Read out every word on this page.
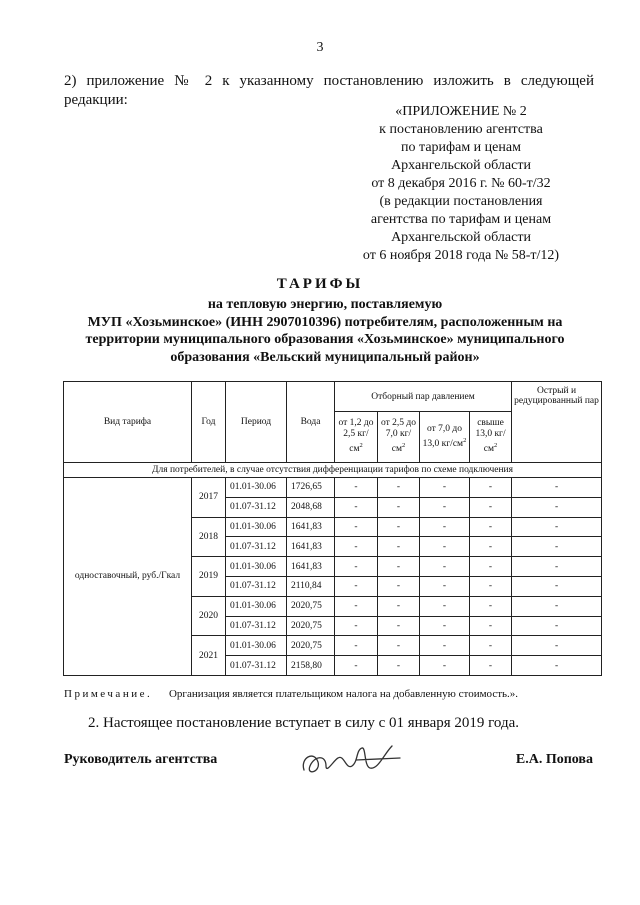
3
2) приложение № 2 к указанному постановлению изложить в следующей редакции:
«ПРИЛОЖЕНИЕ № 2
к постановлению агентства
по тарифам и ценам
Архангельской области
от 8 декабря 2016 г. № 60-т/32
(в редакции постановления
агентства по тарифам и ценам
Архангельской области
от 6 ноября 2018 года № 58-т/12)
ТАРИФЫ
на тепловую энергию, поставляемую
МУП «Хозьминское» (ИНН 2907010396) потребителям, расположенным на
территории муниципального образования «Хозьминское» муниципального
образования «Вельский муниципальный район»
Вид тарифа	Год	Период	Вода	Отборный пар давлением				Острый и редуцированный пар
				от 1,2 до 2,5 $кг/см^2$	от 2,5 до 7,0 $кг/см^2$	от 7,0 до 13,0 $кг/см^2$	свыше 13,0 $кг/см^2$
Для потребителей, в случае отсутствия дифференциации тарифов по схеме подключения								
одноставочный, руб./Гкал	2017	01.01-30.06	1726,65	-	-	-	-	-
		01.07-31.12	2048,68	-	-	-	-	-
	2018	01.01-30.06	1641,83	-	-	-	-	-
		01.07-31.12	1641,83	-	-	-	-	-
	2019	01.01-30.06	1641,83	-	-	-	-	-
		01.07-31.12	2110,84	-	-	-	-	-
	2020	01.01-30.06	2020,75	-	-	-	-	-
		01.07-31.12	2020,75	-	-	-	-	-
	2021	01.01-30.06	2020,75	-	-	-	-	-
		01.07-31.12	2158,80	-	-	-	-	-
Примечание. Организация является плательщиком налога на добавленную стоимость.».
2. Настоящее постановление вступает в силу с 01 января 2019 года.
Руководитель агентства	Е.А. Попова
